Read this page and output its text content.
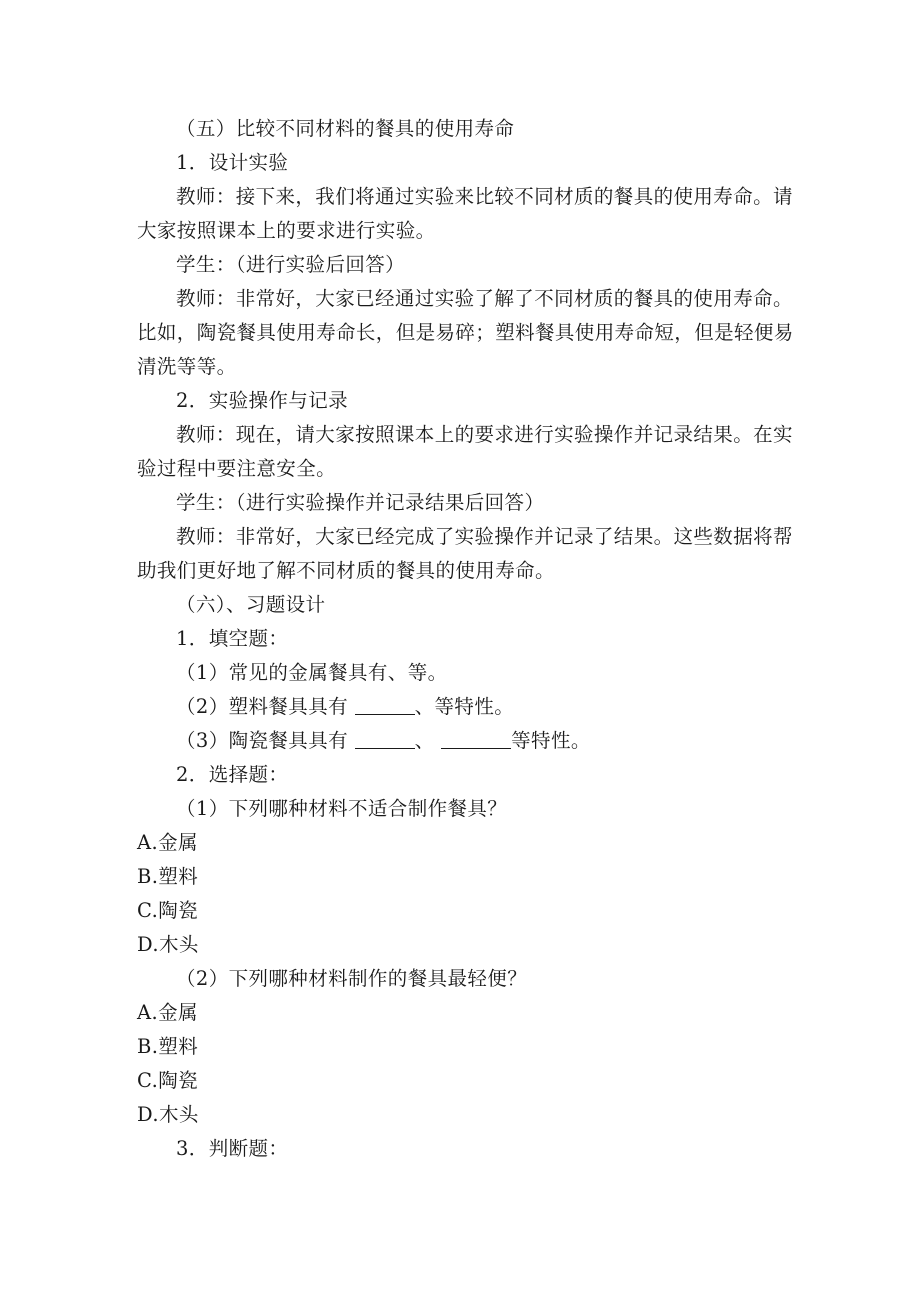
（五）比较不同材料的餐具的使用寿命

1．设计实验

教师：接下来，我们将通过实验来比较不同材质的餐具的使用寿命。请大家按照课本上的要求进行实验。

学生：（进行实验后回答）

教师：非常好，大家已经通过实验了解了不同材质的餐具的使用寿命。比如，陶瓷餐具使用寿命长，但是易碎；塑料餐具使用寿命短，但是轻便易清洗等等。

2．实验操作与记录

教师：现在，请大家按照课本上的要求进行实验操作并记录结果。在实验过程中要注意安全。

学生：（进行实验操作并记录结果后回答）

教师：非常好，大家已经完成了实验操作并记录了结果。这些数据将帮助我们更好地了解不同材质的餐具的使用寿命。

（六）、习题设计

1．填空题：

（1）常见的金属餐具有、等。

（2）塑料餐具具有	、等特性。

（3）陶瓷餐具具有	、	等特性。

2．选择题：

（1）下列哪种材料不适合制作餐具？

A.金属

B.塑料

C.陶瓷

D.木头

（2）下列哪种材料制作的餐具最轻便？

A.金属

B.塑料

C.陶瓷

D.木头

3．判断题：
